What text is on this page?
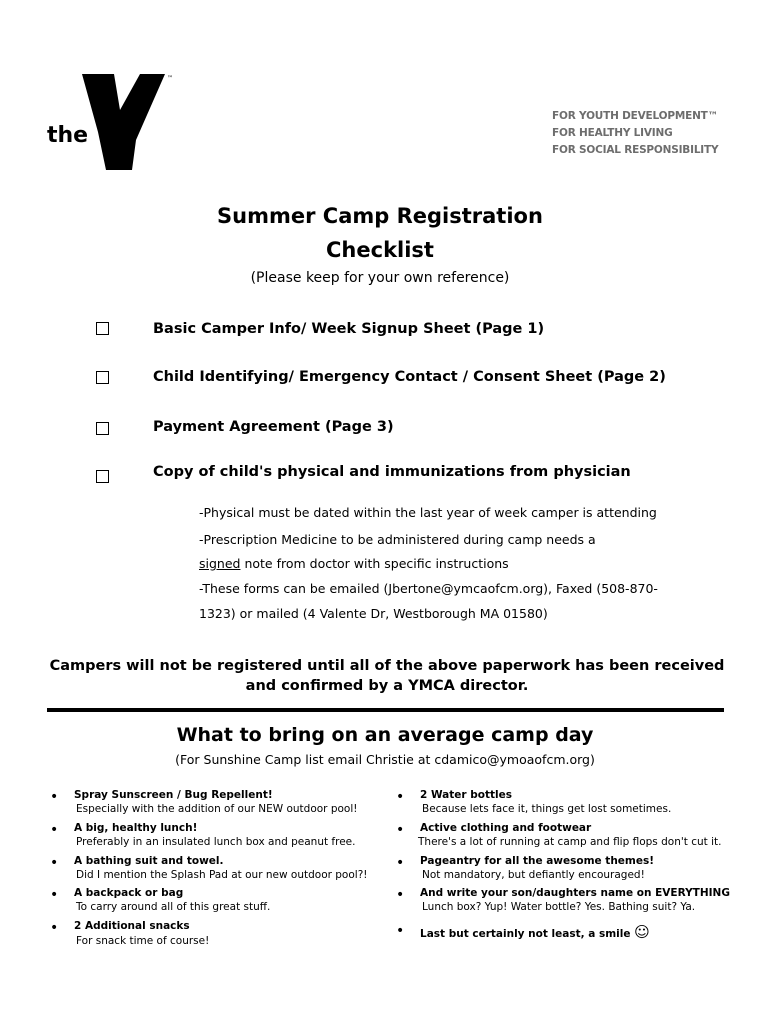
the
™
YMCA
FOR YOUTH DEVELOPMENT™
FOR HEALTHY LIVING
FOR SOCIAL RESPONSIBILITY
Summer Camp Registration
Checklist
(Please keep for your own reference)
Basic Camper Info/ Week Signup Sheet (Page 1)
Child Identifying/ Emergency Contact / Consent Sheet (Page 2)
Payment Agreement (Page 3)
Copy of child's physical and immunizations from physician
-Physical must be dated within the last year of week camper is attending
-Prescription Medicine to be administered during camp needs a
signed note from doctor with specific instructions
-These forms can be emailed (Jbertone@ymcaofcm.org), Faxed (508-870-
1323) or mailed (4 Valente Dr, Westborough MA 01580)
Campers will not be registered until all of the above paperwork has been received
and confirmed by a YMCA director.
What to bring on an average camp day
(For Sunshine Camp list email Christie at cdamico@ymoaofcm.org)
• Spray Sunscreen / Bug Repellent!
Especially with the addition of our NEW outdoor pool!
• A big, healthy lunch!
Preferably in an insulated lunch box and peanut free.
• A bathing suit and towel.
Did I mention the Splash Pad at our new outdoor pool?!
• A backpack or bag
To carry around all of this great stuff.
• 2 Additional snacks
For snack time of course!
• 2 Water bottles
Because lets face it, things get lost sometimes.
• Active clothing and footwear
There's a lot of running at camp and flip flops don't cut it.
• Pageantry for all the awesome themes!
Not mandatory, but defiantly encouraged!
• And write your son/daughters name on EVERYTHING
Lunch box? Yup! Water bottle? Yes. Bathing suit? Ya.
• Last but certainly not least, a smile ☺
